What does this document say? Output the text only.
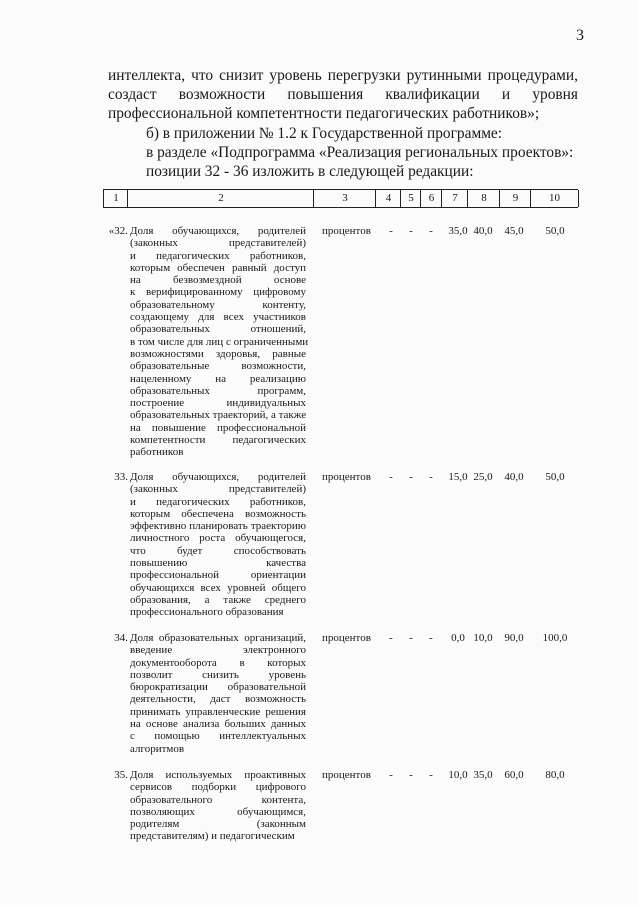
3
интеллекта, что снизит уровень перегрузки рутинными процедурами,
создаст возможности повышения квалификации и уровня
профессиональной компетентности педагогических работников»;
б) в приложении № 1.2 к Государственной программе:
в разделе «Подпрограмма «Реализация региональных проектов»:
позиции 32 - 36 изложить в следующей редакции:
1	2	3	4	5	6	7	8	9	10
«32. Доля обучающихся, родителей
(законных представителей)
и педагогических работников,
которым обеспечен равный доступ
на безвозмездной основе
к верифицированному цифровому
образовательному контенту,
создающему для всех участников
образовательных отношений,
в том числе для лиц с ограниченными
возможностями здоровья, равные
образовательные возможности,
нацеленному на реализацию
образовательных программ,
построение индивидуальных
образовательных траекторий, а также
на повышение профессиональной
компетентности педагогических
работников
процентов	-	-	-	35,0 40,0	45,0	50,0
33. Доля обучающихся, родителей
(законных представителей)
и педагогических работников,
которым обеспечена возможность
эффективно планировать траекторию
личностного роста обучающегося,
что будет способствовать
повышению качества
профессиональной ориентации
обучающихся всех уровней общего
образования, а также среднего
профессионального образования
процентов	-	-	-	15,0 25,0	40,0	50,0
34. Доля образовательных организаций,
введение электронного
документооборота в которых
позволит снизить уровень
бюрократизации образовательной
деятельности, даст возможность
принимать управленческие решения
на основе анализа больших данных
с помощью интеллектуальных
алгоритмов
процентов	-	-	-	0,0 10,0	90,0	100,0
35. Доля используемых проактивных
сервисов подборки цифрового
образовательного контента,
позволяющих обучающимся,
родителям (законным
представителям) и педагогическим
процентов	-	-	-	10,0 35,0	60,0	80,0
